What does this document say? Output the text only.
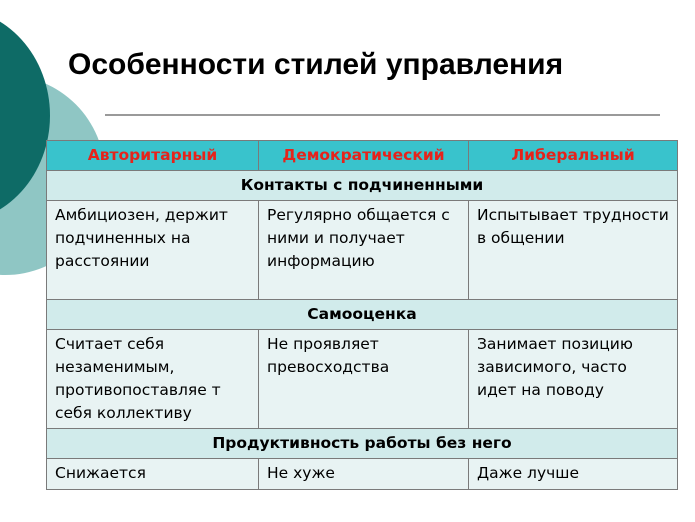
Особенности стилей управления
Авторитарный	Демократический	Либеральный
Контакты с подчиненными		
Амбициозен, держит подчиненных на расстоянии	Регулярно общается с ними и получает информацию	Испытывает трудности в общении
Самооценка		
Считает себя незаменимым, противопоставляе т себя коллективу	Не проявляет превосходства	Занимает позицию зависимого, часто идет на поводу
Продуктивность работы без него		
Снижается	Не хуже	Даже лучше
